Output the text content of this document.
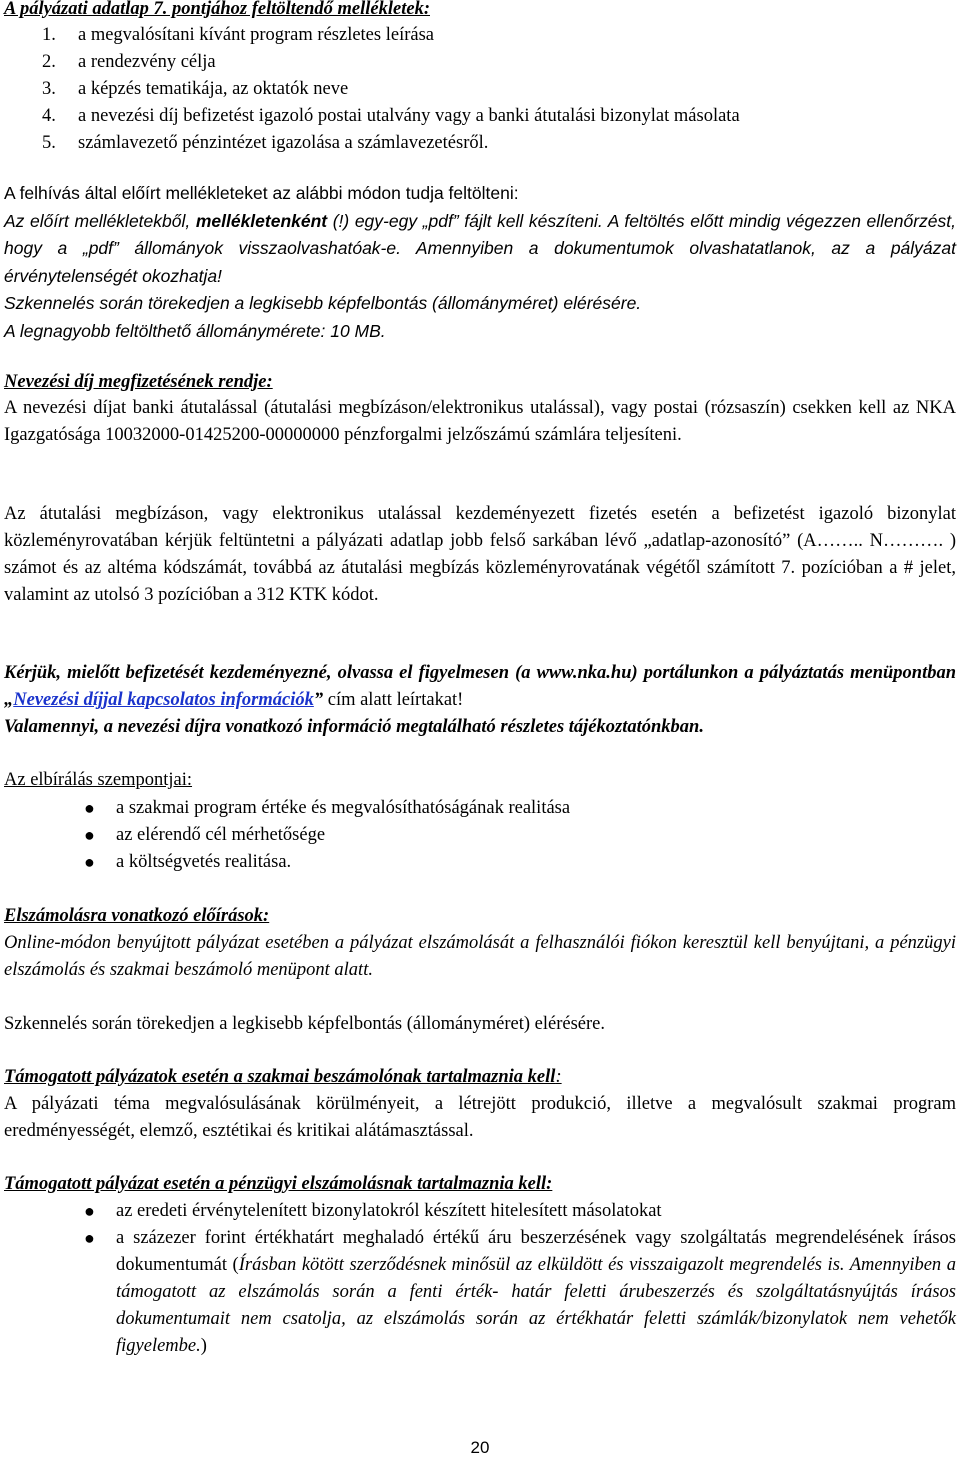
A pályázati adatlap 7. pontjához feltöltendő mellékletek:

1. a megvalósítani kívánt program részletes leírása
2. a rendezvény célja
3. a képzés tematikája, az oktatók neve
4. a nevezési díj befizetést igazoló postai utalvány vagy a banki átutalási bizonylat másolata
5. számlavezető pénzintézet igazolása a számlavezetésről.

A felhívás által előírt mellékleteket az alábbi módon tudja feltölteni:

Az előírt mellékletekből, mellékletenként (!) egy-egy „pdf” fájlt kell készíteni. A feltöltés előtt mindig végezzen ellenőrzést, hogy a „pdf” állományok visszaolvashatóak-e. Amennyiben a dokumentumok olvashatatlanok, az a pályázat érvénytelenségét okozhatja!

Szkennelés során törekedjen a legkisebb képfelbontás (állományméret) elérésére.

A legnagyobb feltölthető állománymérete: 10 MB.

Nevezési díj megfizetésének rendje:

A nevezési díjat banki átutalással (átutalási megbízáson/elektronikus utalással), vagy postai (rózsaszín) csekken kell az NKA Igazgatósága 10032000-01425200-00000000 pénzforgalmi jelzőszámú számlára teljesíteni.

Az átutalási megbízáson, vagy elektronikus utalással kezdeményezett fizetés esetén a befizetést igazoló bizonylat közleményrovatában kérjük feltüntetni a pályázati adatlap jobb felső sarkában lévő „adatlap-azonosító” (A…….. N………. ) számot és az altéma kódszámát, továbbá az átutalási megbízás közleményrovatának végétől számított 7. pozícióban a # jelet, valamint az utolsó 3 pozícióban a 312 KTK kódot.

Kérjük, mielőtt befizetését kezdeményezné, olvassa el figyelmesen (a www.nka.hu) portálunkon a pályáztatás menüpontban „Nevezési díjjal kapcsolatos információk” cím alatt leírtakat!
Valamennyi, a nevezési díjra vonatkozó információ megtalálható részletes tájékoztatónkban.

Az elbírálás szempontjai:

● a szakmai program értéke és megvalósíthatóságának realitása
● az elérendő cél mérhetősége
● a költségvetés realitása.

Elszámolásra vonatkozó előírások:

Online-módon benyújtott pályázat esetében a pályázat elszámolását a felhasználói fiókon keresztül kell benyújtani, a pénzügyi elszámolás és szakmai beszámoló menüpont alatt.

Szkennelés során törekedjen a legkisebb képfelbontás (állományméret) elérésére.

Támogatott pályázatok esetén a szakmai beszámolónak tartalmaznia kell:

A pályázati téma megvalósulásának körülményeit, a létrejött produkció, illetve a megvalósult szakmai program eredményességét, elemző, esztétikai és kritikai alátámasztással.

Támogatott pályázat esetén a pénzügyi elszámolásnak tartalmaznia kell:

● az eredeti érvénytelenített bizonylatokról készített hitelesített másolatokat
● a százezer forint értékhatárt meghaladó értékű áru beszerzésének vagy szolgáltatás megrendelésének írásos dokumentumát (Írásban kötött szerződésnek minősül az elküldött és visszaigazolt megrendelés is. Amennyiben a támogatott az elszámolás során a fenti érték- határ feletti árubeszerzés és szolgáltatásnyújtás írásos dokumentumait nem csatolja, az elszámolás során az értékhatár feletti számlák/bizonylatok nem vehetők figyelembe.)
20
